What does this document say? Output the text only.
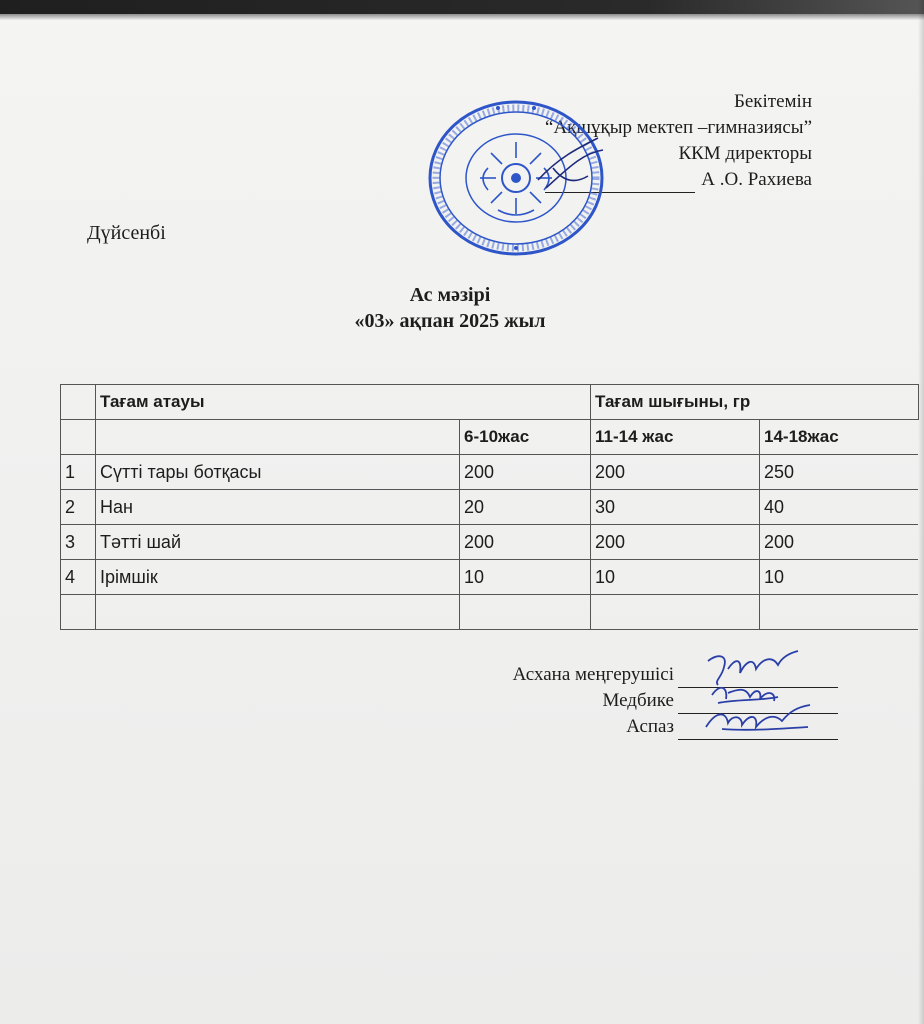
Бекітемін
“Ақшұқыр мектеп –гимназиясы”
ККМ директоры
А .О. Рахиева
Дүйсенбі
Ас мәзірі
«03» ақпан 2025 жыл
	Тағам атауы		Тағам шығыны, гр	
		6-10жас	11-14 жас	14-18жас
1	Сүтті тары ботқасы	200	200	250
2	Нан	20	30	40
3	Тәтті шай	200	200	200
4	Ірімшік	10	10	10

Асхана меңгерушісі
Медбике
Аспаз
